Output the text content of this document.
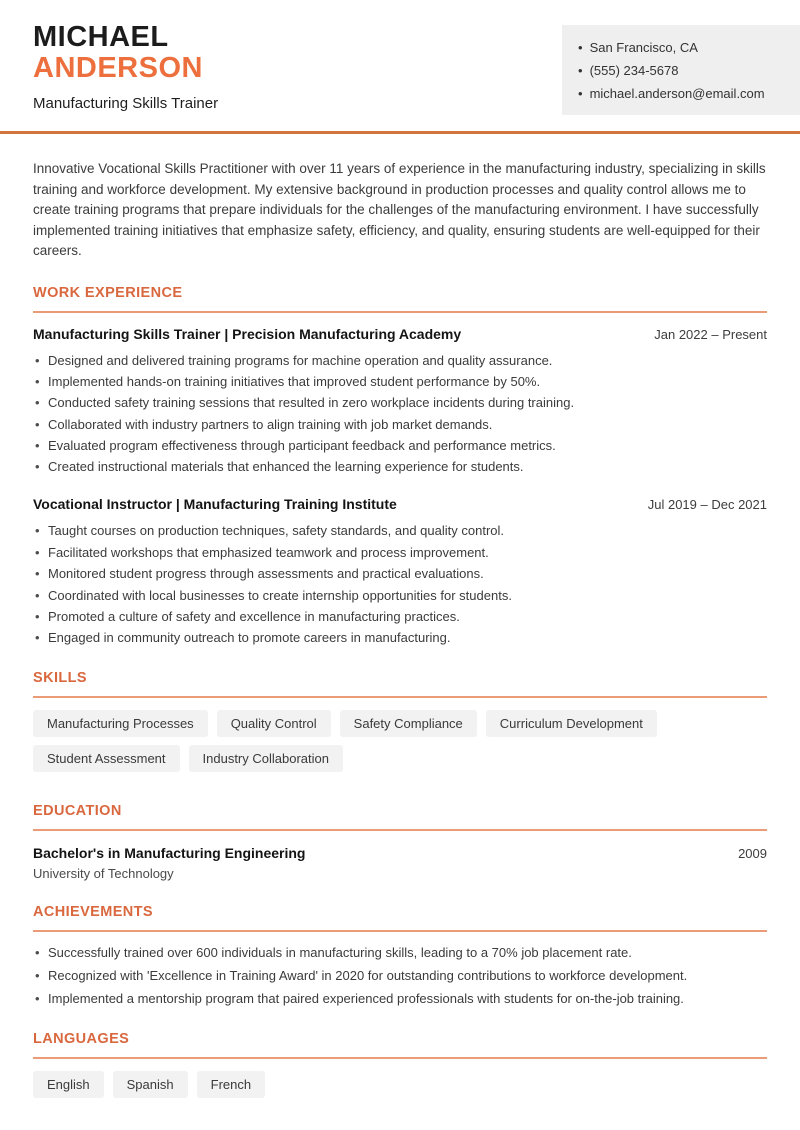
MICHAEL
ANDERSON
Manufacturing Skills Trainer
• San Francisco, CA
• (555) 234-5678
• michael.anderson@email.com

Innovative Vocational Skills Practitioner with over 11 years of experience in the manufacturing industry, specializing in skills training and workforce development. My extensive background in production processes and quality control allows me to create training programs that prepare individuals for the challenges of the manufacturing environment. I have successfully implemented training initiatives that emphasize safety, efficiency, and quality, ensuring students are well-equipped for their careers.

WORK EXPERIENCE
Manufacturing Skills Trainer | Precision Manufacturing Academy	Jan 2022 – Present
• Designed and delivered training programs for machine operation and quality assurance.
• Implemented hands-on training initiatives that improved student performance by 50%.
• Conducted safety training sessions that resulted in zero workplace incidents during training.
• Collaborated with industry partners to align training with job market demands.
• Evaluated program effectiveness through participant feedback and performance metrics.
• Created instructional materials that enhanced the learning experience for students.
Vocational Instructor | Manufacturing Training Institute	Jul 2019 – Dec 2021
• Taught courses on production techniques, safety standards, and quality control.
• Facilitated workshops that emphasized teamwork and process improvement.
• Monitored student progress through assessments and practical evaluations.
• Coordinated with local businesses to create internship opportunities for students.
• Promoted a culture of safety and excellence in manufacturing practices.
• Engaged in community outreach to promote careers in manufacturing.
SKILLS
Manufacturing Processes	Quality Control	Safety Compliance	Curriculum Development
Student Assessment	Industry Collaboration
EDUCATION
Bachelor's in Manufacturing Engineering	2009
University of Technology
ACHIEVEMENTS
• Successfully trained over 600 individuals in manufacturing skills, leading to a 70% job placement rate.
• Recognized with 'Excellence in Training Award' in 2020 for outstanding contributions to workforce development.
• Implemented a mentorship program that paired experienced professionals with students for on-the-job training.
LANGUAGES
English	Spanish	French
